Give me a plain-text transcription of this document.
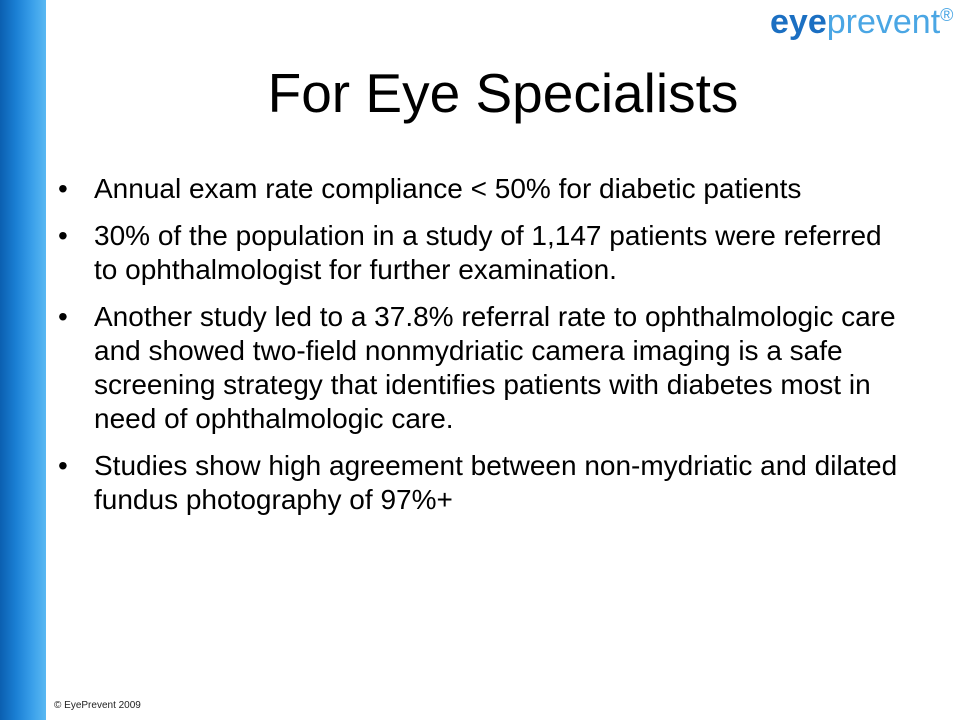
eyeprevent®
For Eye Specialists
• Annual exam rate compliance < 50% for diabetic patients
• 30% of the population in a study of 1,147 patients were referred to ophthalmologist for further examination.
• Another study led to a 37.8% referral rate to ophthalmologic care and showed two-field nonmydriatic camera imaging is a safe screening strategy that identifies patients with diabetes most in need of ophthalmologic care.
• Studies show high agreement between non-mydriatic and dilated fundus photography of 97%+
© EyePrevent 2009
